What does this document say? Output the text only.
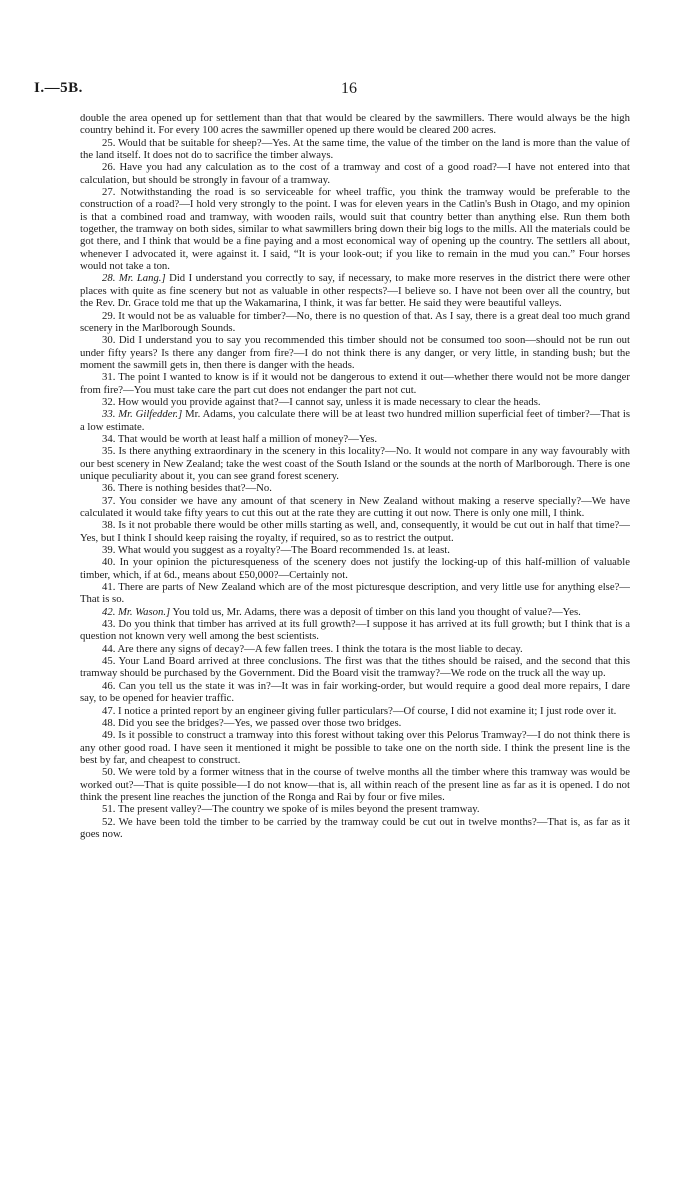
I.—5B.	16

double the area opened up for settlement than that that would be cleared by the sawmillers. There would always be the high country behind it. For every 100 acres the sawmiller opened up there would be cleared 200 acres.

25. Would that be suitable for sheep?—Yes. At the same time, the value of the timber on the land is more than the value of the land itself. It does not do to sacrifice the timber always.

26. Have you had any calculation as to the cost of a tramway and cost of a good road?—I have not entered into that calculation, but should be strongly in favour of a tramway.

27. Notwithstanding the road is so serviceable for wheel traffic, you think the tramway would be preferable to the construction of a road?—I hold very strongly to the point. I was for eleven years in the Catlin's Bush in Otago, and my opinion is that a combined road and tramway, with wooden rails, would suit that country better than anything else. Run them both together, the tramway on both sides, similar to what sawmillers bring down their big logs to the mills. All the materials could be got there, and I think that would be a fine paying and a most economical way of opening up the country. The settlers all about, whenever I advocated it, were against it. I said, “It is your look-out; if you like to remain in the mud you can.” Four horses would not take a ton.

28. Mr. Lang.] Did I understand you correctly to say, if necessary, to make more reserves in the district there were other places with quite as fine scenery but not as valuable in other respects?—I believe so. I have not been over all the country, but the Rev. Dr. Grace told me that up the Wakamarina, I think, it was far better. He said they were beautiful valleys.

29. It would not be as valuable for timber?—No, there is no question of that. As I say, there is a great deal too much grand scenery in the Marlborough Sounds.

30. Did I understand you to say you recommended this timber should not be consumed too soon—should not be run out under fifty years? Is there any danger from fire?—I do not think there is any danger, or very little, in standing bush; but the moment the sawmill gets in, then there is danger with the heads.

31. The point I wanted to know is if it would not be dangerous to extend it out—whether there would not be more danger from fire?—You must take care the part cut does not endanger the part not cut.

32. How would you provide against that?—I cannot say, unless it is made necessary to clear the heads.

33. Mr. Gilfedder.] Mr. Adams, you calculate there will be at least two hundred million superficial feet of timber?—That is a low estimate.

34. That would be worth at least half a million of money?—Yes.

35. Is there anything extraordinary in the scenery in this locality?—No. It would not compare in any way favourably with our best scenery in New Zealand; take the west coast of the South Island or the sounds at the north of Marlborough. There is one unique peculiarity about it, you can see grand forest scenery.

36. There is nothing besides that?—No.

37. You consider we have any amount of that scenery in New Zealand without making a reserve specially?—We have calculated it would take fifty years to cut this out at the rate they are cutting it out now. There is only one mill, I think.

38. Is it not probable there would be other mills starting as well, and, consequently, it would be cut out in half that time?—Yes, but I think I should keep raising the royalty, if required, so as to restrict the output.

39. What would you suggest as a royalty?—The Board recommended 1s. at least.

40. In your opinion the picturesqueness of the scenery does not justify the locking-up of this half-million of valuable timber, which, if at 6d., means about £50,000?—Certainly not.

41. There are parts of New Zealand which are of the most picturesque description, and very little use for anything else?—That is so.

42. Mr. Wason.] You told us, Mr. Adams, there was a deposit of timber on this land you thought of value?—Yes.

43. Do you think that timber has arrived at its full growth?—I suppose it has arrived at its full growth; but I think that is a question not known very well among the best scientists.

44. Are there any signs of decay?—A few fallen trees. I think the totara is the most liable to decay.

45. Your Land Board arrived at three conclusions. The first was that the tithes should be raised, and the second that this tramway should be purchased by the Government. Did the Board visit the tramway?—We rode on the truck all the way up.

46. Can you tell us the state it was in?—It was in fair working-order, but would require a good deal more repairs, I dare say, to be opened for heavier traffic.

47. I notice a printed report by an engineer giving fuller particulars?—Of course, I did not examine it; I just rode over it.

48. Did you see the bridges?—Yes, we passed over those two bridges.

49. Is it possible to construct a tramway into this forest without taking over this Pelorus Tramway?—I do not think there is any other good road. I have seen it mentioned it might be possible to take one on the north side. I think the present line is the best by far, and cheapest to construct.

50. We were told by a former witness that in the course of twelve months all the timber where this tramway was would be worked out?—That is quite possible—I do not know—that is, all within reach of the present line as far as it is opened. I do not think the present line reaches the junction of the Ronga and Rai by four or five miles.

51. The present valley?—The country we spoke of is miles beyond the present tramway.

52. We have been told the timber to be carried by the tramway could be cut out in twelve months?—That is, as far as it goes now.
